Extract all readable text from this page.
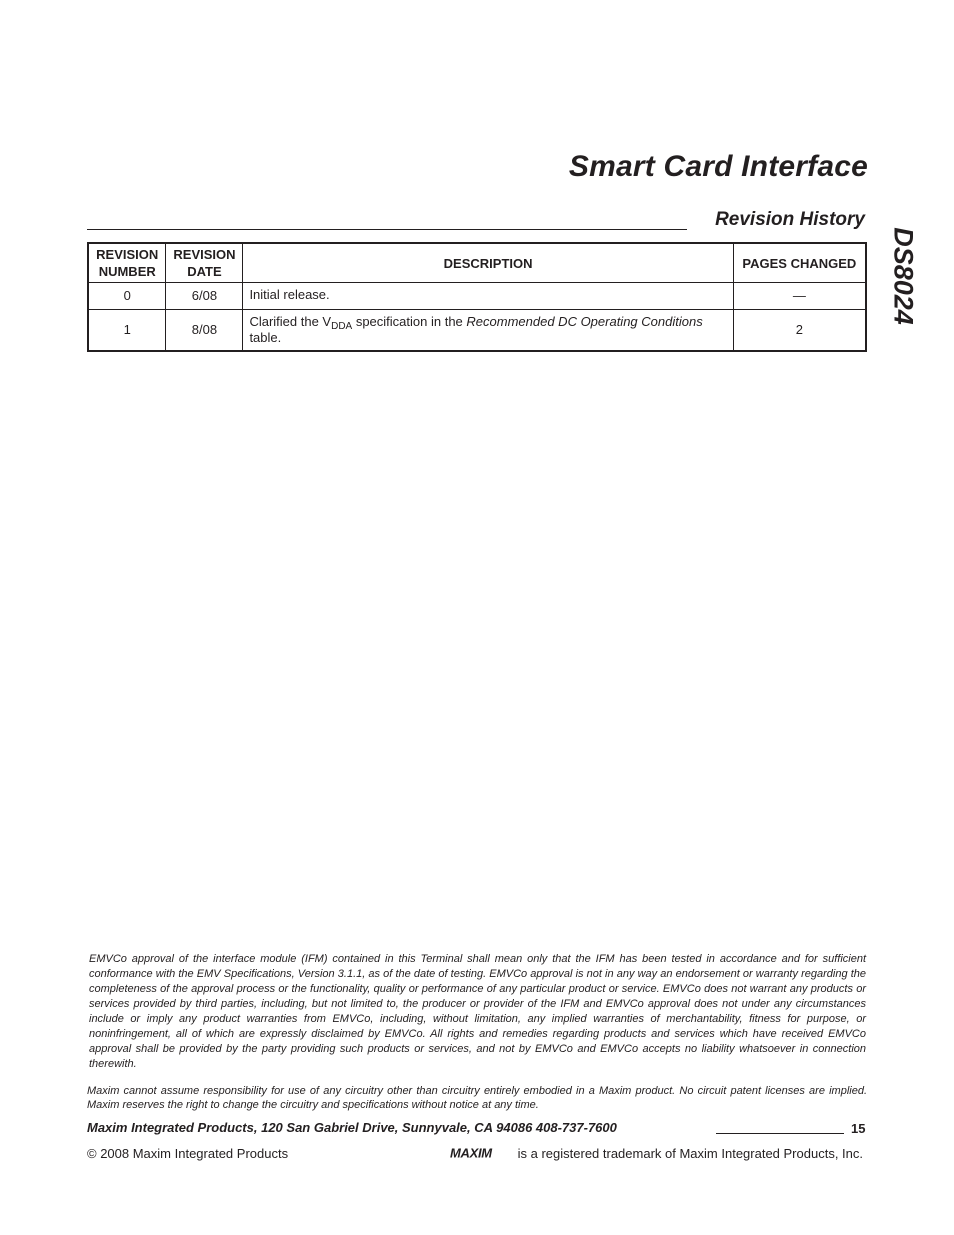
Smart Card Interface
Revision History
DS8024
REVISION NUMBER	REVISION DATE	DESCRIPTION	PAGES CHANGED
0	6/08	Initial release.	—
1	8/08	Clarified the $V_{DDA}$ specification in the Recommended DC Operating Conditions table.	2
EMVCo approval of the interface module (IFM) contained in this Terminal shall mean only that the IFM has been tested in accordance and for sufficient conformance with the EMV Specifications, Version 3.1.1, as of the date of testing. EMVCo approval is not in any way an endorsement or warranty regarding the completeness of the approval process or the functionality, quality or performance of any particular product or service. EMVCo does not warrant any products or services provided by third parties, including, but not limited to, the producer or provider of the IFM and EMVCo approval does not under any circumstances include or imply any product warranties from EMVCo, including, without limitation, any implied warranties of merchantability, fitness for purpose, or noninfringement, all of which are expressly disclaimed by EMVCo. All rights and remedies regarding products and services which have received EMVCo approval shall be provided by the party providing such products or services, and not by EMVCo and EMVCo accepts no liability whatsoever in connection therewith.
Maxim cannot assume responsibility for use of any circuitry other than circuitry entirely embodied in a Maxim product. No circuit patent licenses are implied. Maxim reserves the right to change the circuitry and specifications without notice at any time.
Maxim Integrated Products, 120 San Gabriel Drive, Sunnyvale, CA 94086 408-737-7600	15
© 2008 Maxim Integrated Products	MAXIM is a registered trademark of Maxim Integrated Products, Inc.
